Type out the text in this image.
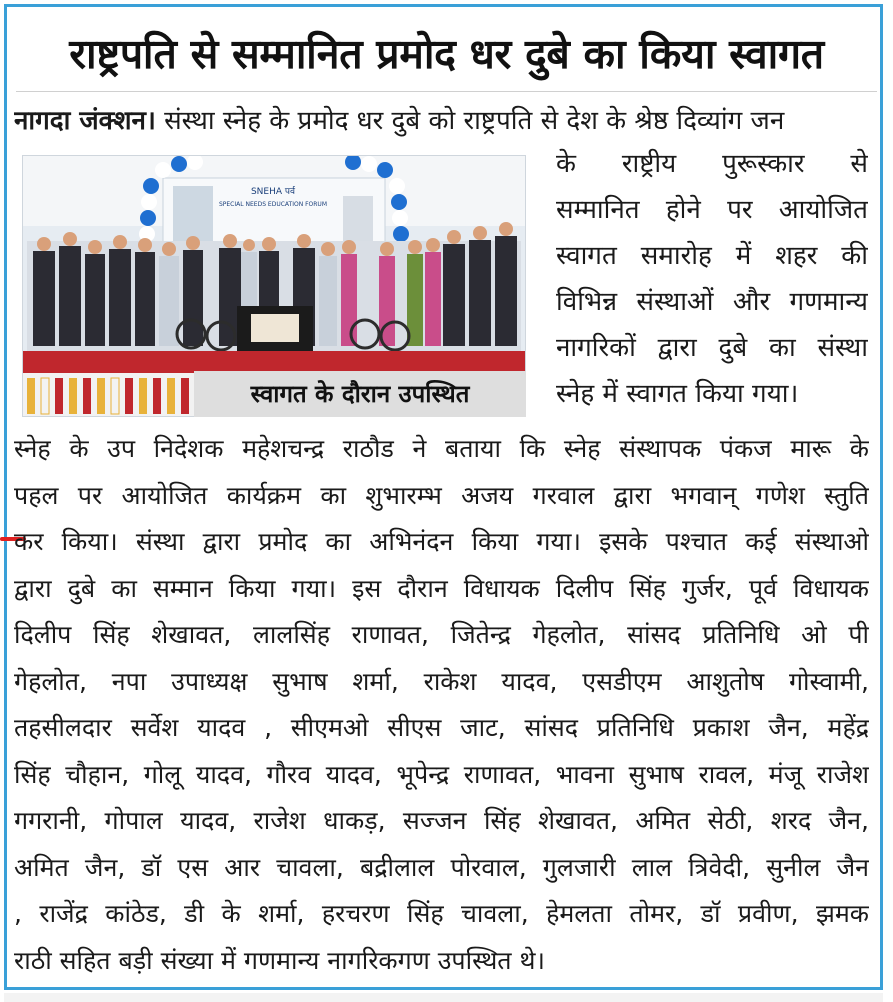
राष्ट्रपति से सम्मानित प्रमोद धर दुबे का किया स्वागत
नागदा जंक्शन। संस्था स्नेह के प्रमोद धर दुबे को राष्ट्रपति से देश के श्रेष्ठ दिव्यांग जन
SNEHA पर्व
SPECIAL NEEDS EDUCATION FORUM
स्वागत के दौरान उपस्थित
के राष्ट्रीय पुरूस्कार से
सम्मानित होने पर आयोजित
स्वागत समारोह में शहर की
विभिन्न संस्थाओं और गणमान्य
नागरिकों द्वारा दुबे का संस्था
स्नेह में स्वागत किया गया।
स्नेह के उप निदेशक महेशचन्द्र राठौड ने बताया कि स्नेह संस्थापक पंकज मारू के
पहल पर आयोजित कार्यक्रम का शुभारम्भ अजय गरवाल द्वारा भगवान् गणेश स्तुति
कर किया। संस्था द्वारा प्रमोद का अभिनंदन किया गया। इसके पश्चात कई संस्थाओ
द्वारा दुबे का सम्मान किया गया। इस दौरान विधायक दिलीप सिंह गुर्जर, पूर्व विधायक
दिलीप सिंह शेखावत, लालसिंह राणावत, जितेन्द्र गेहलोत, सांसद प्रतिनिधि ओ पी
गेहलोत, नपा उपाध्यक्ष सुभाष शर्मा, राकेश यादव, एसडीएम आशुतोष गोस्वामी,
तहसीलदार सर्वेश यादव , सीएमओ सीएस जाट, सांसद प्रतिनिधि प्रकाश जैन, महेंद्र
सिंह चौहान, गोलू यादव, गौरव यादव, भूपेन्द्र राणावत, भावना सुभाष रावल, मंजू राजेश
गगरानी, गोपाल यादव, राजेश धाकड़, सज्जन सिंह शेखावत, अमित सेठी, शरद जैन,
अमित जैन, डॉ एस आर चावला, बद्रीलाल पोरवाल, गुलजारी लाल त्रिवेदी, सुनील जैन
, राजेंद्र कांठेड, डी के शर्मा, हरचरण सिंह चावला, हेमलता तोमर, डॉ प्रवीण, झमक
राठी सहित बड़ी संख्या में गणमान्य नागरिकगण उपस्थित थे।
